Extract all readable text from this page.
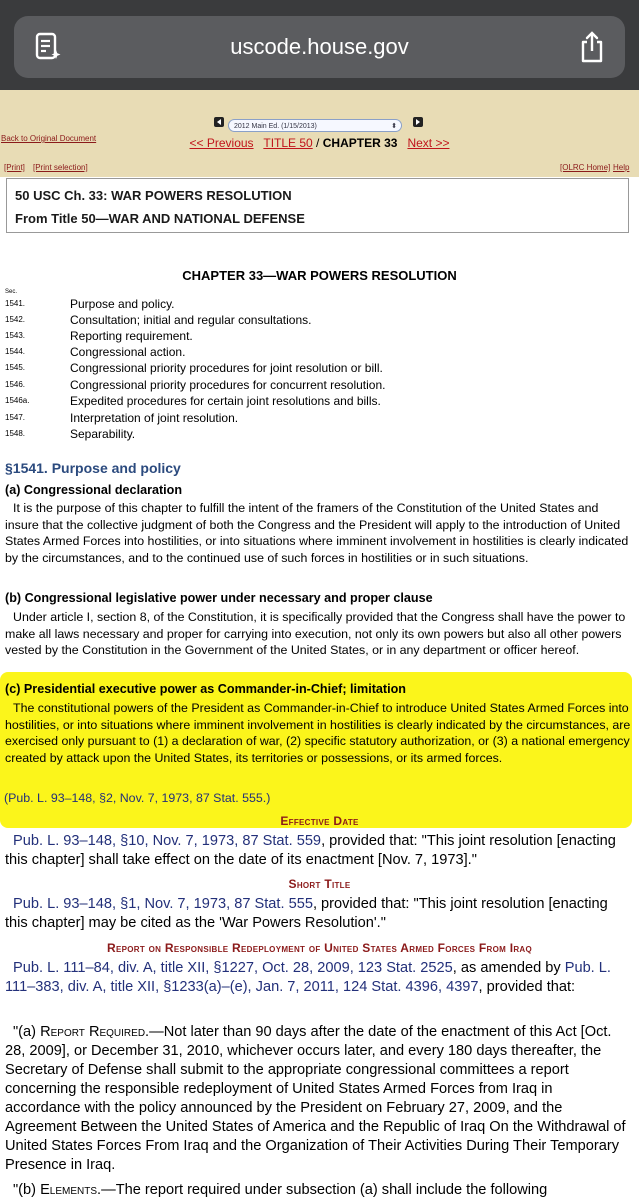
uscode.house.gov
2012 Main Ed. (1/15/2013)	⬍
Back to Original Document	<< Previous TITLE 50 / CHAPTER 33 Next >>
[Print] [Print selection]	[OLRC Home] Help
50 USC Ch. 33: WAR POWERS RESOLUTION
From Title 50—WAR AND NATIONAL DEFENSE
CHAPTER 33—WAR POWERS RESOLUTION
Sec.
1541.	Purpose and policy.
1542.	Consultation; initial and regular consultations.
1543.	Reporting requirement.
1544.	Congressional action.
1545.	Congressional priority procedures for joint resolution or bill.
1546.	Congressional priority procedures for concurrent resolution.
1546a.	Expedited procedures for certain joint resolutions and bills.
1547.	Interpretation of joint resolution.
1548.	Separability.
§1541. Purpose and policy
(a) Congressional declaration
It is the purpose of this chapter to fulfill the intent of the framers of the Constitution of the United States and insure that the collective judgment of both the Congress and the President will apply to the introduction of United States Armed Forces into hostilities, or into situations where imminent involvement in hostilities is clearly indicated by the circumstances, and to the continued use of such forces in hostilities or in such situations.
(b) Congressional legislative power under necessary and proper clause
Under article I, section 8, of the Constitution, it is specifically provided that the Congress shall have the power to make all laws necessary and proper for carrying into execution, not only its own powers but also all other powers vested by the Constitution in the Government of the United States, or in any department or officer hereof.
(c) Presidential executive power as Commander-in-Chief; limitation
The constitutional powers of the President as Commander-in-Chief to introduce United States Armed Forces into hostilities, or into situations where imminent involvement in hostilities is clearly indicated by the circumstances, are exercised only pursuant to (1) a declaration of war, (2) specific statutory authorization, or (3) a national emergency created by attack upon the United States, its territories or possessions, or its armed forces.
(Pub. L. 93–148, §2, Nov. 7, 1973, 87 Stat. 555.)
Effective Date
Pub. L. 93–148, §10, Nov. 7, 1973, 87 Stat. 559, provided that: "This joint resolution [enacting this chapter] shall take effect on the date of its enactment [Nov. 7, 1973]."
Short Title
Pub. L. 93–148, §1, Nov. 7, 1973, 87 Stat. 555, provided that: "This joint resolution [enacting this chapter] may be cited as the 'War Powers Resolution'."
Report on Responsible Redeployment of United States Armed Forces From Iraq
Pub. L. 111–84, div. A, title XII, §1227, Oct. 28, 2009, 123 Stat. 2525, as amended by Pub. L. 111–383, div. A, title XII, §1233(a)–(e), Jan. 7, 2011, 124 Stat. 4396, 4397, provided that:
"(a) Report Required.—Not later than 90 days after the date of the enactment of this Act [Oct. 28, 2009], or December 31, 2010, whichever occurs later, and every 180 days thereafter, the Secretary of Defense shall submit to the appropriate congressional committees a report concerning the responsible redeployment of United States Armed Forces from Iraq in accordance with the policy announced by the President on February 27, 2009, and the Agreement Between the United States of America and the Republic of Iraq On the Withdrawal of United States Forces From Iraq and the Organization of Their Activities During Their Temporary Presence in Iraq.
"(b) Elements.—The report required under subsection (a) shall include the following
